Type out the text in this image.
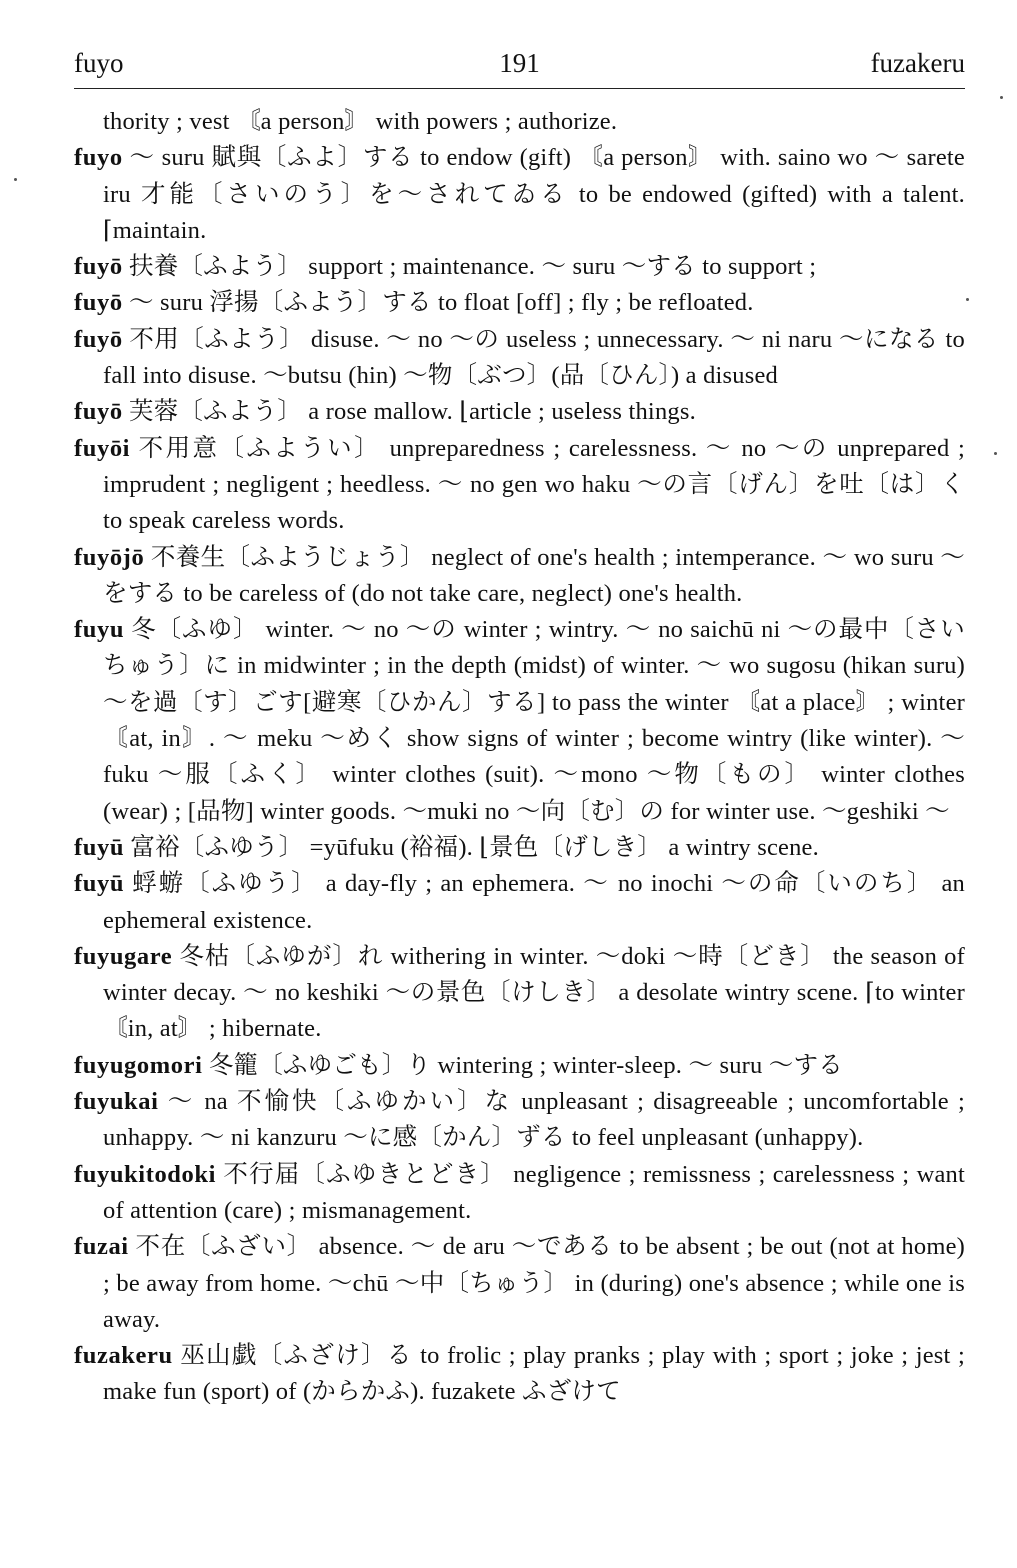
fuyo	191	fuzakeru

thority ; vest 〘a person〙 with powers ; authorize.

fuyo 〜 suru 賦與〔ふよ〕する to endow (gift) 〘a person〙 with. saino wo 〜 sarete iru 才能〔さいのう〕を〜されてゐる to be endowed (gifted) with a talent. ⌈maintain.

fuyō 扶養〔ふよう〕 support ; maintenance. 〜 suru 〜する to support ;

fuyō 〜 suru 浮揚〔ふよう〕する to float [off] ; fly ; be refloated.

fuyō 不用〔ふよう〕 disuse. 〜 no 〜の useless ; unnecessary. 〜 ni naru 〜になる to fall into disuse. 〜butsu (hin) 〜物〔ぶつ〕(品〔ひん〕) a disused

fuyō 芙蓉〔ふよう〕 a rose mallow. ⌊article ; useless things.

fuyōi 不用意〔ふようい〕 unpreparedness ; carelessness. 〜 no 〜の unprepared ; imprudent ; negligent ; heedless. 〜 no gen wo haku 〜の言〔げん〕を吐〔は〕く to speak careless words.

fuyōjō 不養生〔ふようじょう〕 neglect of one's health ; intemperance. 〜 wo suru 〜をする to be careless of (do not take care, neglect) one's health.

fuyu 冬〔ふゆ〕 winter. 〜 no 〜の winter ; wintry. 〜 no saichū ni 〜の最中〔さいちゅう〕に in midwinter ; in the depth (midst) of winter. 〜 wo sugosu (hikan suru) 〜を過〔す〕ごす[避寒〔ひかん〕する] to pass the winter 〘at a place〙 ; winter 〘at, in〙. 〜 meku 〜めく show signs of winter ; become wintry (like winter). 〜fuku 〜服〔ふく〕 winter clothes (suit). 〜mono 〜物〔もの〕 winter clothes (wear) ; [品物] winter goods. 〜muki no 〜向〔む〕の for winter use. 〜geshiki 〜

fuyū 富裕〔ふゆう〕 =yūfuku (裕福). ⌊景色〔げしき〕 a wintry scene.

fuyū 蜉蝣〔ふゆう〕 a day-fly ; an ephemera. 〜 no inochi 〜の命〔いのち〕 an ephemeral existence.

fuyugare 冬枯〔ふゆが〕れ withering in winter. 〜doki 〜時〔どき〕 the season of winter decay. 〜 no keshiki 〜の景色〔けしき〕 a desolate wintry scene. ⌈to winter 〘in, at〙 ; hibernate.

fuyugomori 冬籠〔ふゆごも〕り wintering ; winter-sleep. 〜 suru 〜する

fuyukai 〜 na 不愉快〔ふゆかい〕な unpleasant ; disagreeable ; uncomfortable ; unhappy. 〜 ni kanzuru 〜に感〔かん〕ずる to feel unpleasant (unhappy).

fuyukitodoki 不行届〔ふゆきとどき〕 negligence ; remissness ; carelessness ; want of attention (care) ; mismanagement.

fuzai 不在〔ふざい〕 absence. 〜 de aru 〜である to be absent ; be out (not at home) ; be away from home. 〜chū 〜中〔ちゅう〕 in (during) one's absence ; while one is away.

fuzakeru 巫山戯〔ふざけ〕る to frolic ; play pranks ; play with ; sport ; joke ; jest ; make fun (sport) of (からかふ). fuzakete ふざけて
